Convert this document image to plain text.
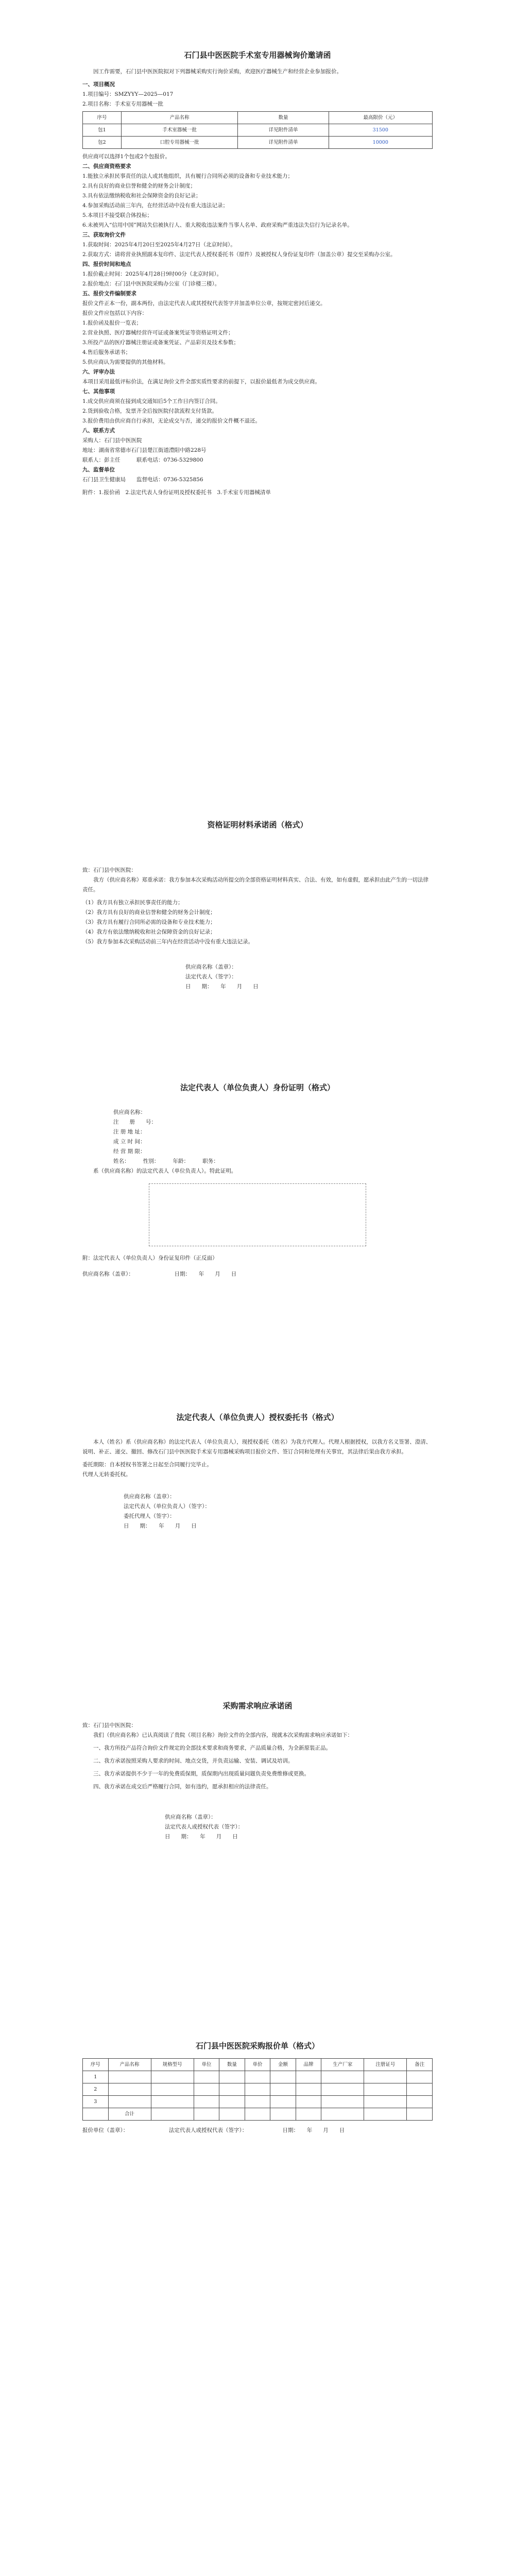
石门县中医医院手术室专用器械询价邀请函

因工作需要，石门县中医医院拟对下列器械采购实行询价采购，欢迎医疗器械生产和经营企业参加报价。

一、项目概况
1.项目编号：SMZYYY—2025—017
2.项目名称：手术室专用器械一批
序号	产品名称	数量	最高限价（元）
包1	手术室器械一批	详见附件清单	31500
包2	口腔专用器械一批	详见附件清单	10000
供应商可以选择1个包或2个包报价。
二、供应商资格要求
1.能独立承担民事责任的法人或其他组织，具有履行合同所必须的设备和专业技术能力；
2.具有良好的商业信誉和健全的财务会计制度；
3.具有依法缴纳税收和社会保障资金的良好记录；
4.参加采购活动前三年内，在经营活动中没有重大违法记录；
5.本项目不接受联合体投标；
6.未被列入“信用中国”网站失信被执行人、重大税收违法案件当事人名单、政府采购严重违法失信行为记录名单。
三、获取询价文件
1.获取时间：2025年4月20日至2025年4月27日（北京时间）。
2.获取方式：请将营业执照副本复印件、法定代表人授权委托书（原件）及被授权人身份证复印件（加盖公章）提交至采购办公室。
四、报价时间和地点
1.报价截止时间：2025年4月28日9时00分（北京时间）。
2.报价地点：石门县中医医院采购办公室（门诊楼三楼）。
五、报价文件编制要求
报价文件正本一份，副本两份，由法定代表人或其授权代表签字并加盖单位公章，按规定密封后递交。
报价文件应包括以下内容：
1.报价函及报价一览表；
2.营业执照、医疗器械经营许可证或备案凭证等资格证明文件；
3.所投产品的医疗器械注册证或备案凭证、产品彩页及技术参数；
4.售后服务承诺书；
5.供应商认为需要提供的其他材料。
六、评审办法
本项目采用最低评标价法，在满足询价文件全部实质性要求的前提下，以报价最低者为成交供应商。
七、其他事项
1.成交供应商须在接到成交通知后5个工作日内签订合同。
2.货到验收合格，发票齐全后按医院付款流程支付货款。
3.报价费用由供应商自行承担，无论成交与否，递交的报价文件概不退还。
八、联系方式
采购人：石门县中医医院
地址：湖南省常德市石门县楚江街道澧阳中路228号
联系人：彭主任　　　联系电话：0736-5329800
九、监督单位
石门县卫生健康局　　监督电话：0736-5325856
附件：1.报价函　2.法定代表人身份证明及授权委托书　3.手术室专用器械清单
资格证明材料承诺函（格式）
致：石门县中医医院：

我方（供应商名称）郑重承诺：我方参加本次采购活动所提交的全部资格证明材料真实、合法、有效，如有虚假，愿承担由此产生的一切法律责任。

（1）我方具有独立承担民事责任的能力；
（2）我方具有良好的商业信誉和健全的财务会计制度；
（3）我方具有履行合同所必需的设备和专业技术能力；
（4）我方有依法缴纳税收和社会保障资金的良好记录；
（5）我方参加本次采购活动前三年内在经营活动中没有重大违法记录。
供应商名称（盖章）：
法定代表人（签字）：
日　　期：　　年　　月　　日
法定代表人（单位负责人）身份证明（格式）
供应商名称：
注　　册　　号：
注 册 地 址：
成 立 时 间：
经 营 期 限：
姓名：　　　性别：　　　年龄：　　　职务：

系（供应商名称）的法定代表人（单位负责人）。特此证明。

附：法定代表人（单位负责人）身份证复印件（正反面）
供应商名称（盖章）：　　　　　　　　日期：　　年　　月　　日
法定代表人（单位负责人）授权委托书（格式）

本人（姓名）系（供应商名称）的法定代表人（单位负责人），现授权委托（姓名）为我方代理人。代理人根据授权，以我方名义签署、澄清、说明、补正、递交、撤回、修改石门县中医医院手术室专用器械采购项目报价文件、签订合同和处理有关事宜，其法律后果由我方承担。

委托期限：自本授权书签署之日起至合同履行完毕止。
代理人无转委托权。
供应商名称（盖章）：
法定代表人（单位负责人）（签字）：
委托代理人（签字）：
日　　期：　　年　　月　　日
采购需求响应承诺函
致：石门县中医医院：

我们（供应商名称）已认真阅读了贵院（项目名称）询价文件的全部内容，现就本次采购需求响应承诺如下：

一、我方所投产品符合询价文件规定的全部技术要求和商务要求，产品质量合格，为全新原装正品。

二、我方承诺按照采购人要求的时间、地点交货，并负责运输、安装、调试及培训。

三、我方承诺提供不少于一年的免费质保期，质保期内出现质量问题负责免费维修或更换。

四、我方承诺在成交后严格履行合同，如有违约，愿承担相应的法律责任。

供应商名称（盖章）：
法定代表人或授权代表（签字）：
日　　期：　　年　　月　　日
石门县中医医院采购报价单（格式）
序号	产品名称	规格型号	单位	数量	单价	金额	品牌	生产厂家	注册证号	备注
1										
2										
3										
	合计									
报价单位（盖章）：　　　　　　　　法定代表人或授权代表（签字）：　　　　　　　日期：　　年　　月　　日
